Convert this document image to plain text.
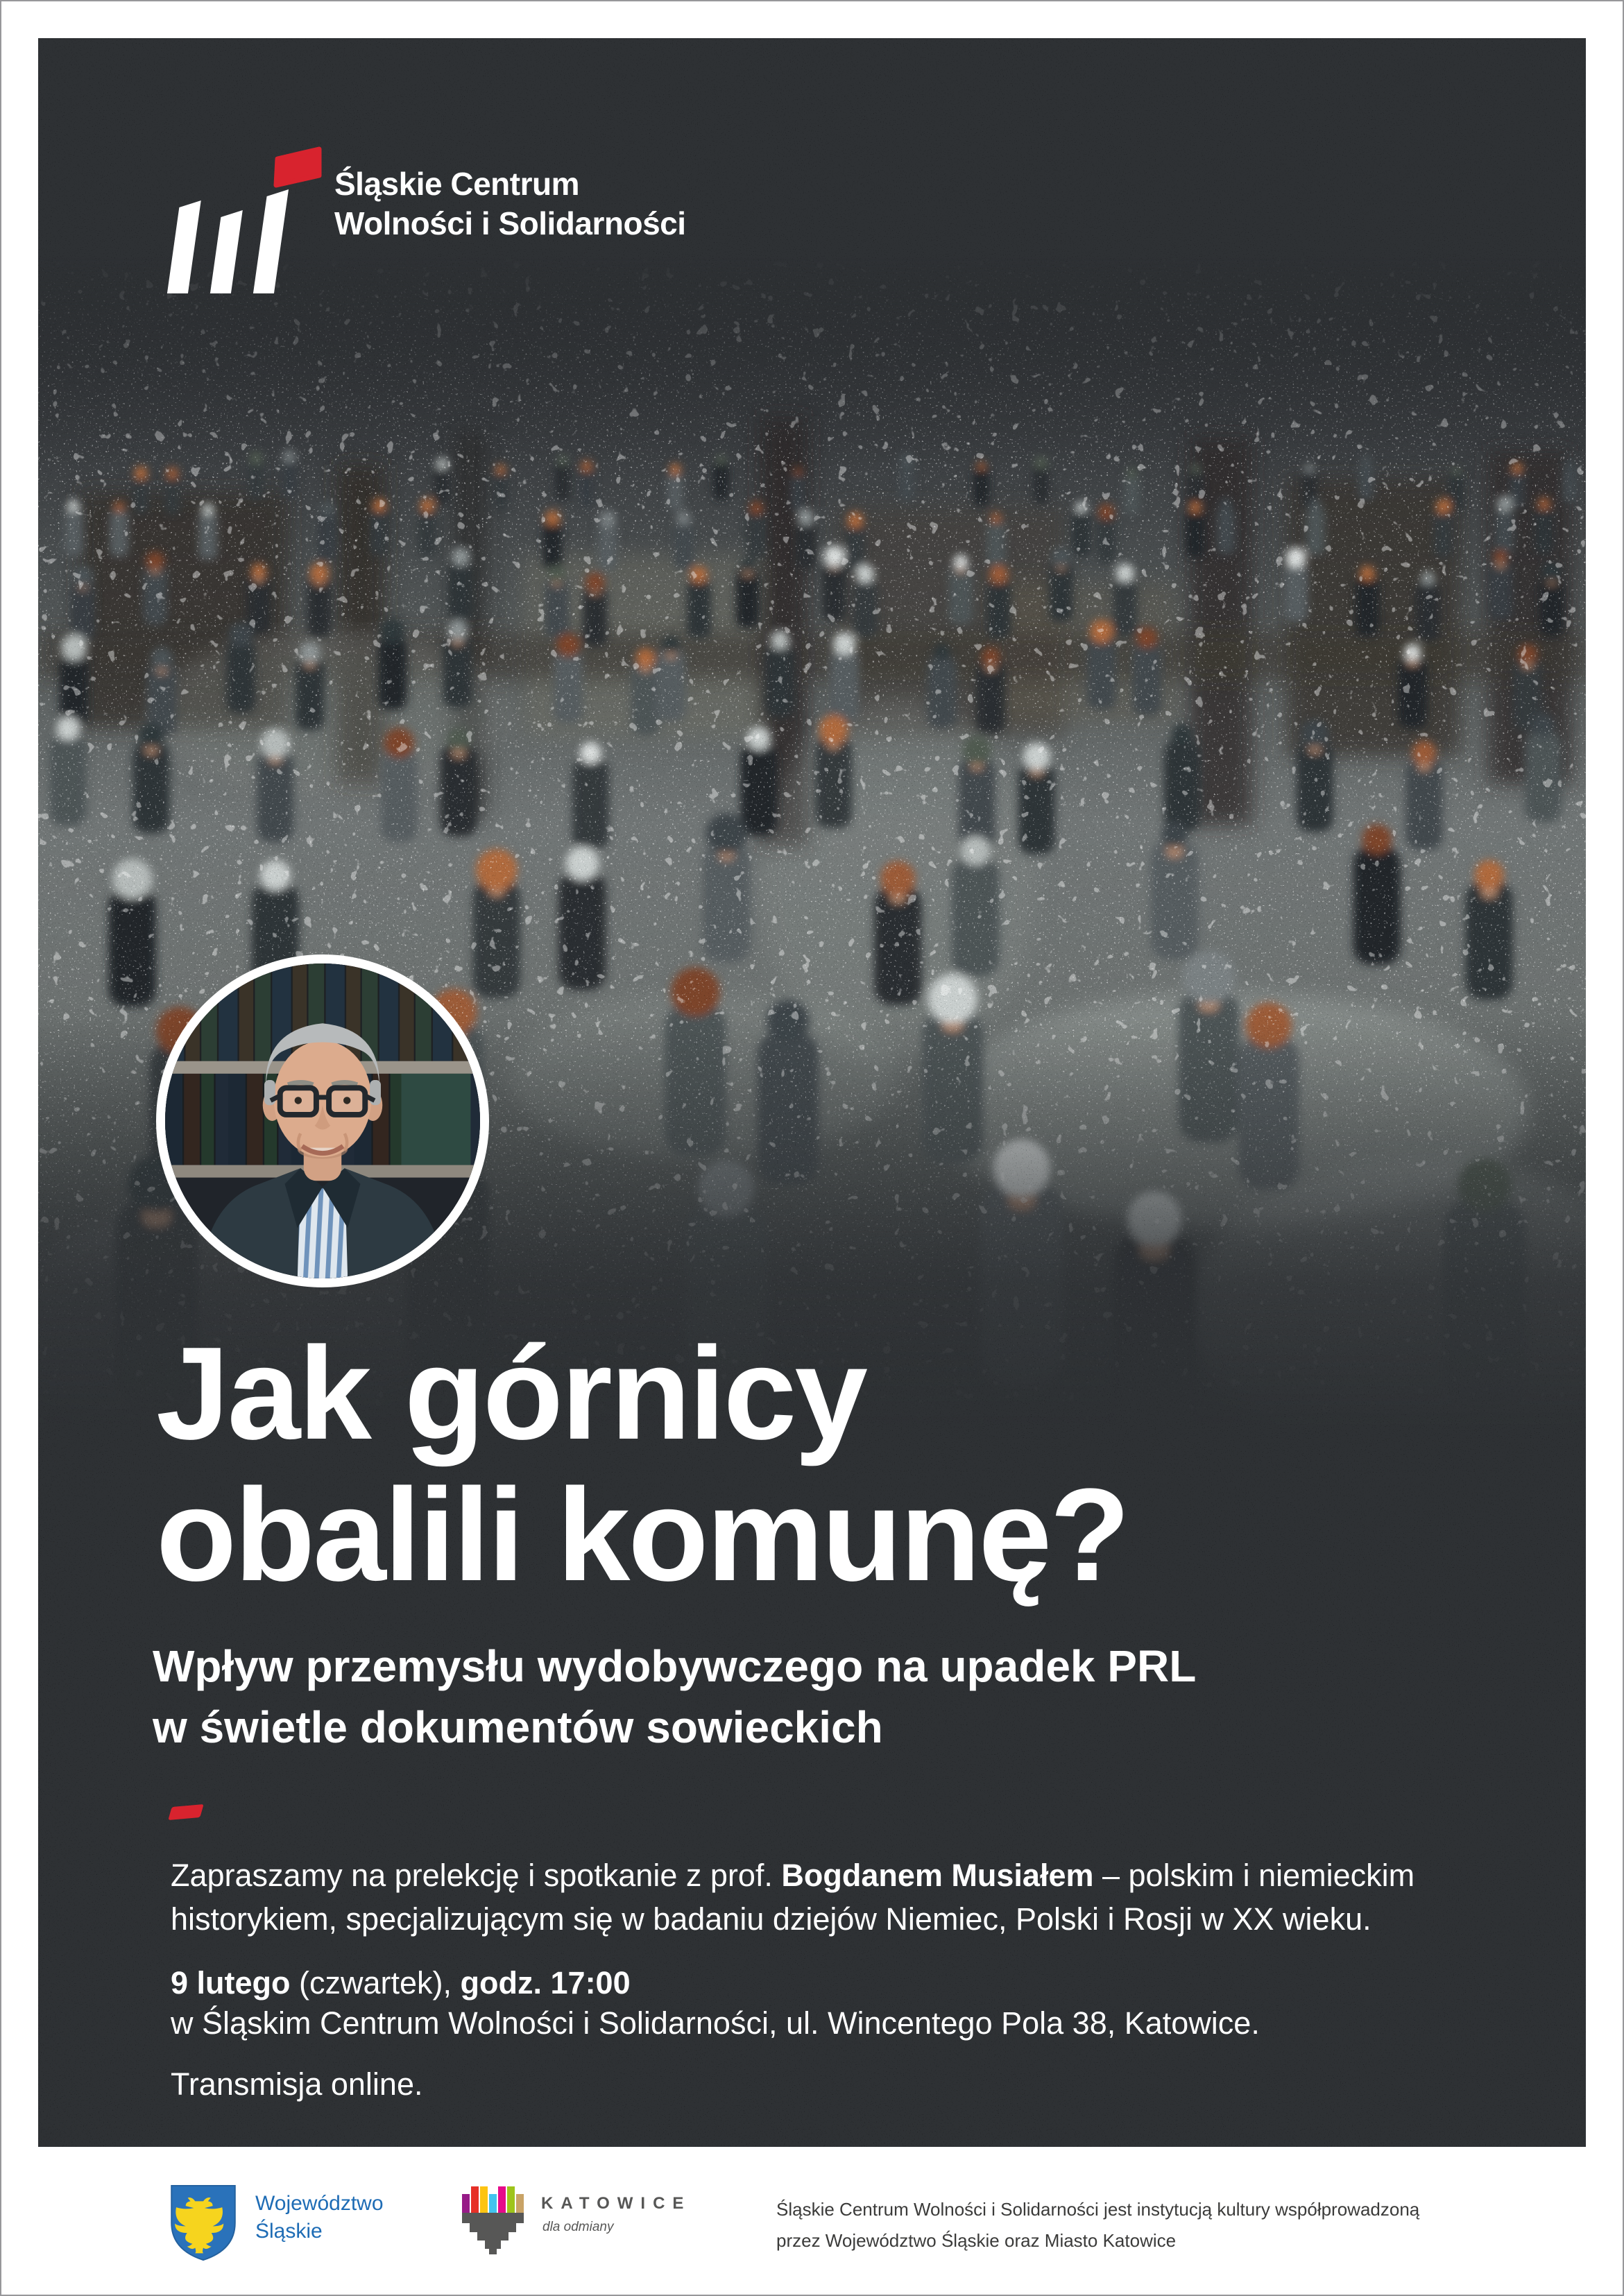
Śląskie Centrum
Wolności i Solidarności
Jak górnicy
obalili komunę?
Wpływ przemysłu wydobywczego na upadek PRL
w świetle dokumentów sowieckich

Zapraszamy na prelekcję i spotkanie z prof. Bogdanem Musiałem – polskim i niemieckim historykiem, specjalizującym się w badaniu dziejów Niemiec, Polski i Rosji w XX wieku.

9 lutego (czwartek), godz. 17:00

w Śląskim Centrum Wolności i Solidarności, ul. Wincentego Pola 38, Katowice.

Transmisja online.

Województwo
Śląskie
KATOWICE
dla odmiany
Śląskie Centrum Wolności i Solidarności jest instytucją kultury współprowadzoną
przez Województwo Śląskie oraz Miasto Katowice
